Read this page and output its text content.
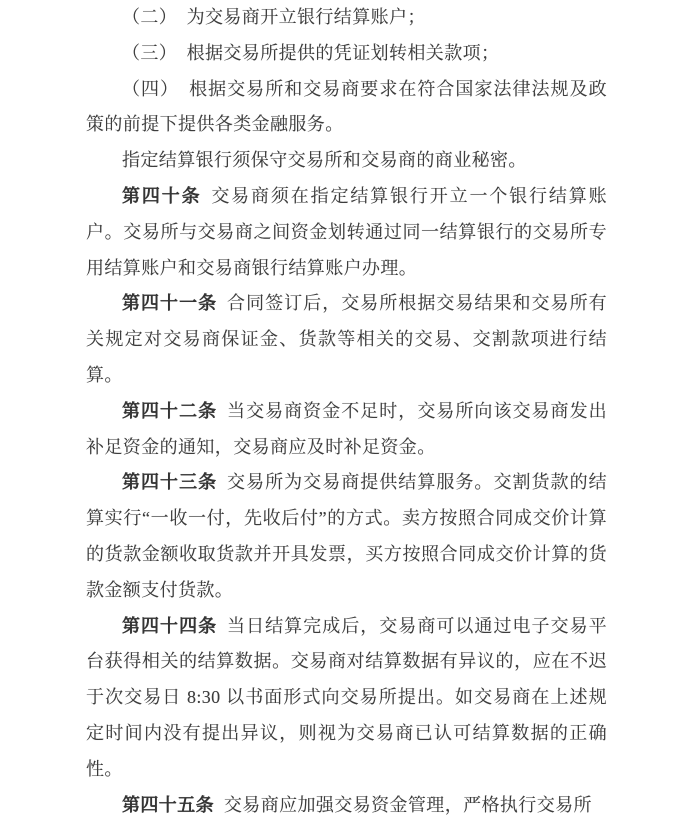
（二）　为交易商开立银行结算账户；

（三）　根据交易所提供的凭证划转相关款项；

（四）　根据交易所和交易商要求在符合国家法律法规及政策的前提下提供各类金融服务。

指定结算银行须保守交易所和交易商的商业秘密。

第四十条 交易商须在指定结算银行开立一个银行结算账户。交易所与交易商之间资金划转通过同一结算银行的交易所专用结算账户和交易商银行结算账户办理。

第四十一条 合同签订后，交易所根据交易结果和交易所有关规定对交易商保证金、货款等相关的交易、交割款项进行结算。

第四十二条 当交易商资金不足时，交易所向该交易商发出补足资金的通知，交易商应及时补足资金。

第四十三条 交易所为交易商提供结算服务。交割货款的结算实行“一收一付，先收后付”的方式。卖方按照合同成交价计算的货款金额收取货款并开具发票，买方按照合同成交价计算的货款金额支付货款。

第四十四条 当日结算完成后，交易商可以通过电子交易平台获得相关的结算数据。交易商对结算数据有异议的，应在不迟于次交易日 8:30 以书面形式向交易所提出。如交易商在上述规定时间内没有提出异议，则视为交易商已认可结算数据的正确性。

第四十五条 交易商应加强交易资金管理，严格执行交易所
